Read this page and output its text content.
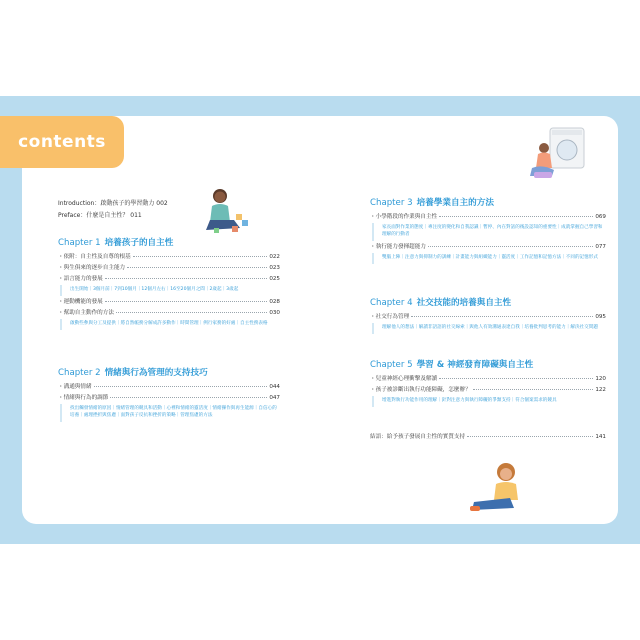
contents
Introduction：啟動孩子的學習動力 002
Preface：什麼是自主性？ 011
Chapter 1 培養孩子的自主性
・依附：自主性及自尊的根基	022
・與生俱來的逐步自主能力	023
・語言能力的發展	025
出生開始｜3個月前｜7到10個月｜12個月左右｜16至20個月之間｜2歲起｜3歲起
・運動機能的發展	028
・幫助自主動作的方法	030
啟動些參與分工及提供｜將自然帳務分解成許多動作｜時間管理｜例行家務的好處｜自主性務表格
Chapter 2 情緒與行為管理的支持技巧
・溝通與情緒	044
・情緒與行為的調節	047
找出觸發情緒的原因｜情緒管理的競具和活動｜心裡和情緒的靈活度｜情緒操作與再生能源｜自信心的培養｜處理挫折與焦慮｜面對孩子反抗和挫折的策略｜管理焦慮的方法
Chapter 3 培養學業自主的方法
・小學階段的作業與自主性	069
家長面對作業的態度｜專注度的變化和自我認識｜暫停、內在對話的後設認知的重要性｜成就掌握自己學習和理解的行動者
・執行能力發揮超能力	077
雙腦上陣｜注意力與抑制力的訓練｜計畫能力與組織能力｜靈活度｜工作記憶和記憶方法｜不同的記憶形式
Chapter 4 社交技能的培養與自主性
・社交行為管理	095
理解他人的想法｜解讀非語語的社交線索｜與他人有效溝通表達自我｜培養批判思考的能力｜解決社交問題
Chapter 5 學習 & 神經發育障礙與自主性
・兒童神經心理衝擊及解讀	120
・孩子被診斷出執行功能障礙，怎麼辦？	122
增進對執行功能作用的理解｜針對注意力與執行障礙的爭類支持｜符合個案需求的競具
結語：給予孩子發展自主性的實質支持	141
